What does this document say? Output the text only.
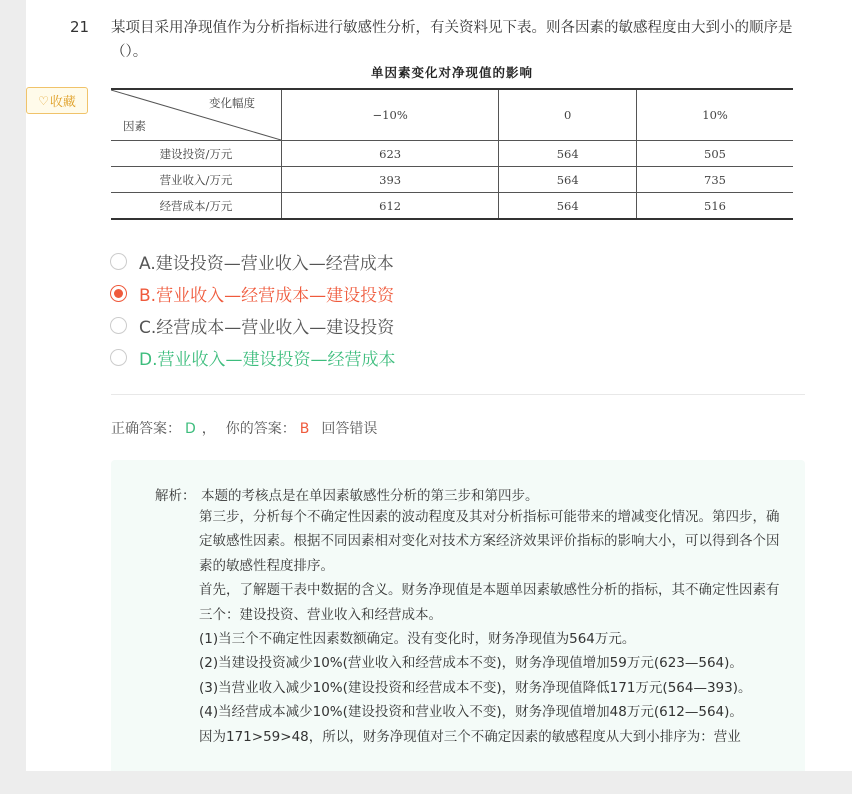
21 某项目采用净现值作为分析指标进行敏感性分析，有关资料见下表。则各因素的敏感程度由大到小的顺序是（）。
♡ 收藏
单因素变化对净现值的影响
变化幅度
因素	−10%	0	10%
建设投资/万元	623	564	505
营业收入/万元	393	564	735
经营成本/万元	612	564	516
A.建设投资—营业收入—经营成本
B.营业收入—经营成本—建设投资
C.经营成本—营业收入—建设投资
D.营业收入—建设投资—经营成本
正确答案： D ， 你的答案： B 回答错误
解析： 本题的考核点是在单因素敏感性分析的第三步和第四步。

第三步，分析每个不确定性因素的波动程度及其对分析指标可能带来的增减变化情况。第四步，确定敏感性因素。根据不同因素相对变化对技术方案经济效果评价指标的影响大小，可以得到各个因素的敏感性程度排序。

首先，了解题干表中数据的含义。财务净现值是本题单因素敏感性分析的指标，其不确定性因素有三个：建设投资、营业收入和经营成本。

(1)当三个不确定性因素数额确定。没有变化时，财务净现值为564万元。

(2)当建设投资减少10%(营业收入和经营成本不变)，财务净现值增加59万元(623—564)。

(3)当营业收入减少10%(建设投资和经营成本不变)，财务净现值降低171万元(564—393)。

(4)当经营成本减少10%(建设投资和营业收入不变)，财务净现值增加48万元(612—564)。

因为171>59>48，所以，财务净现值对三个不确定因素的敏感程度从大到小排序为：营业
